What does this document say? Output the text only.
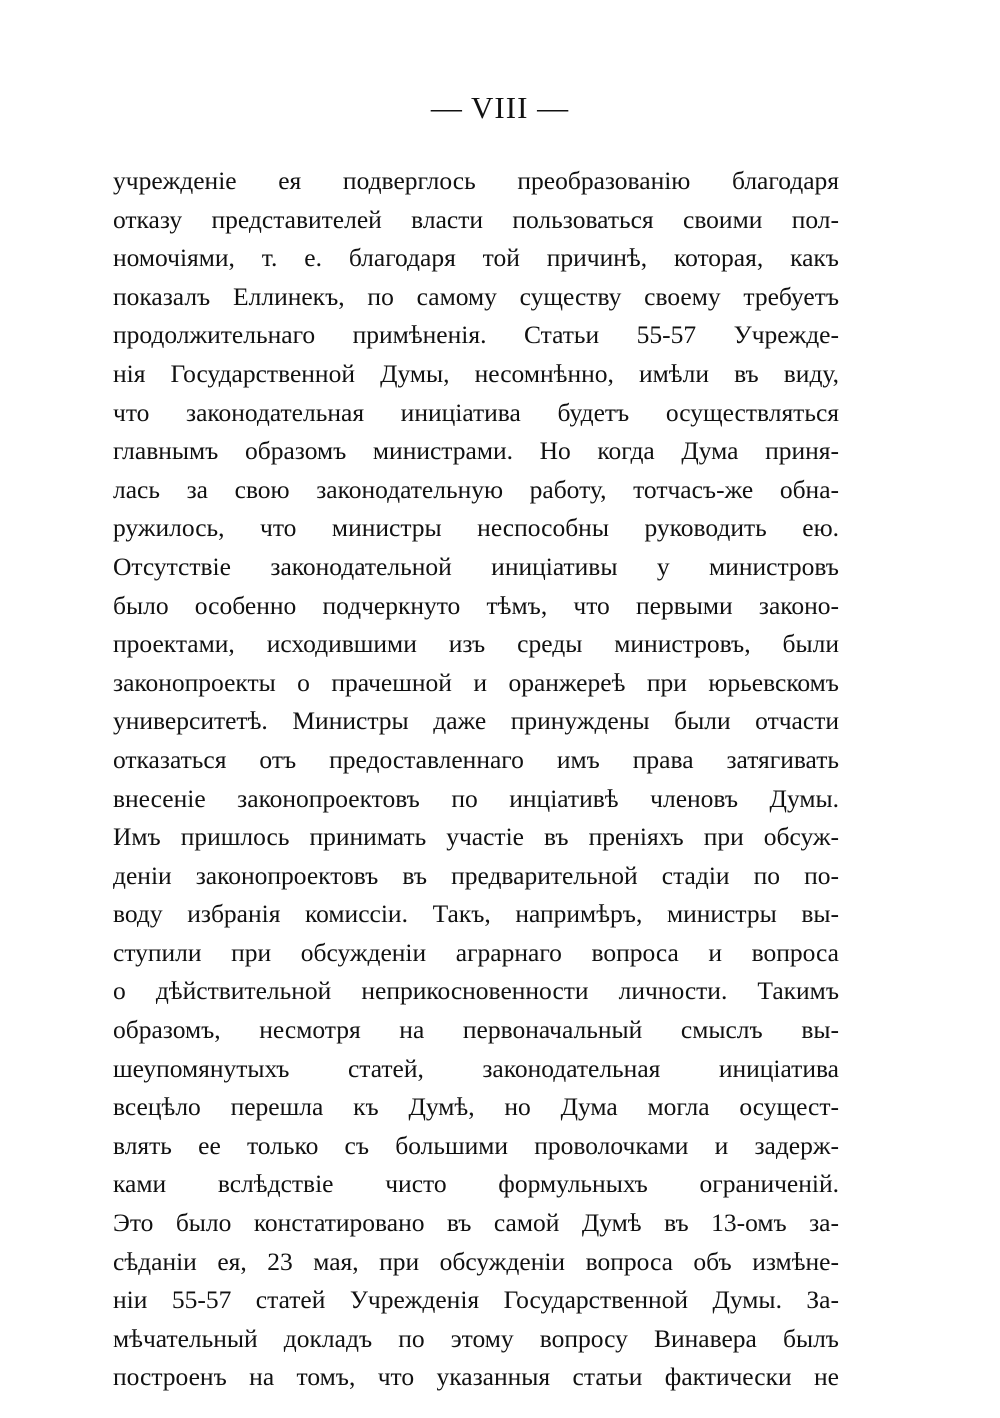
— VIII —
учрежденіе ея подверглось преобразованію благодаря
отказу представителей власти пользоваться своими пол-
номочіями, т. е. благодаря той причинѣ, которая, какъ
показалъ Еллинекъ, по самому существу своему требуетъ
продолжительнаго примѣненія. Статьи 55-57 Учрежде-
нія Государственной Думы, несомнѣнно, имѣли въ виду,
что законодательная иниціатива будетъ осуществляться
главнымъ образомъ министрами. Но когда Дума приня-
лась за свою законодательную работу, тотчасъ-же обна-
ружилось, что министры неспособны руководить ею.
Отсутствіе законодательной иниціативы у министровъ
было особенно подчеркнуто тѣмъ, что первыми законо-
проектами, исходившими изъ среды министровъ, были
законопроекты о прачешной и оранжереѣ при юрьевскомъ
университетѣ. Министры даже принуждены были отчасти
отказаться отъ предоставленнаго имъ права затягивать
внесеніе законопроектовъ по инціативѣ членовъ Думы.
Имъ пришлось принимать участіе въ преніяхъ при обсуж-
деніи законопроектовъ въ предварительной стадіи по по-
воду избранія комиссіи. Такъ, напримѣръ, министры вы-
ступили при обсужденіи аграрнаго вопроса и вопроса
о дѣйствительной неприкосновенности личности. Такимъ
образомъ, несмотря на первоначальный смыслъ вы-
шеупомянутыхъ статей, законодательная иниціатива
всецѣло перешла къ Думѣ, но Дума могла осущест-
влять ее только съ большими проволочками и задерж-
ками вслѣдствіе чисто формульныхъ ограниченій.
Это было констатировано въ самой Думѣ въ 13-омъ за-
сѣданіи ея, 23 мая, при обсужденіи вопроса объ измѣне-
ніи 55-57 статей Учрежденія Государственной Думы. За-
мѣчательный докладъ по этому вопросу Винавера былъ
построенъ на томъ, что указанныя статьи фактически не
